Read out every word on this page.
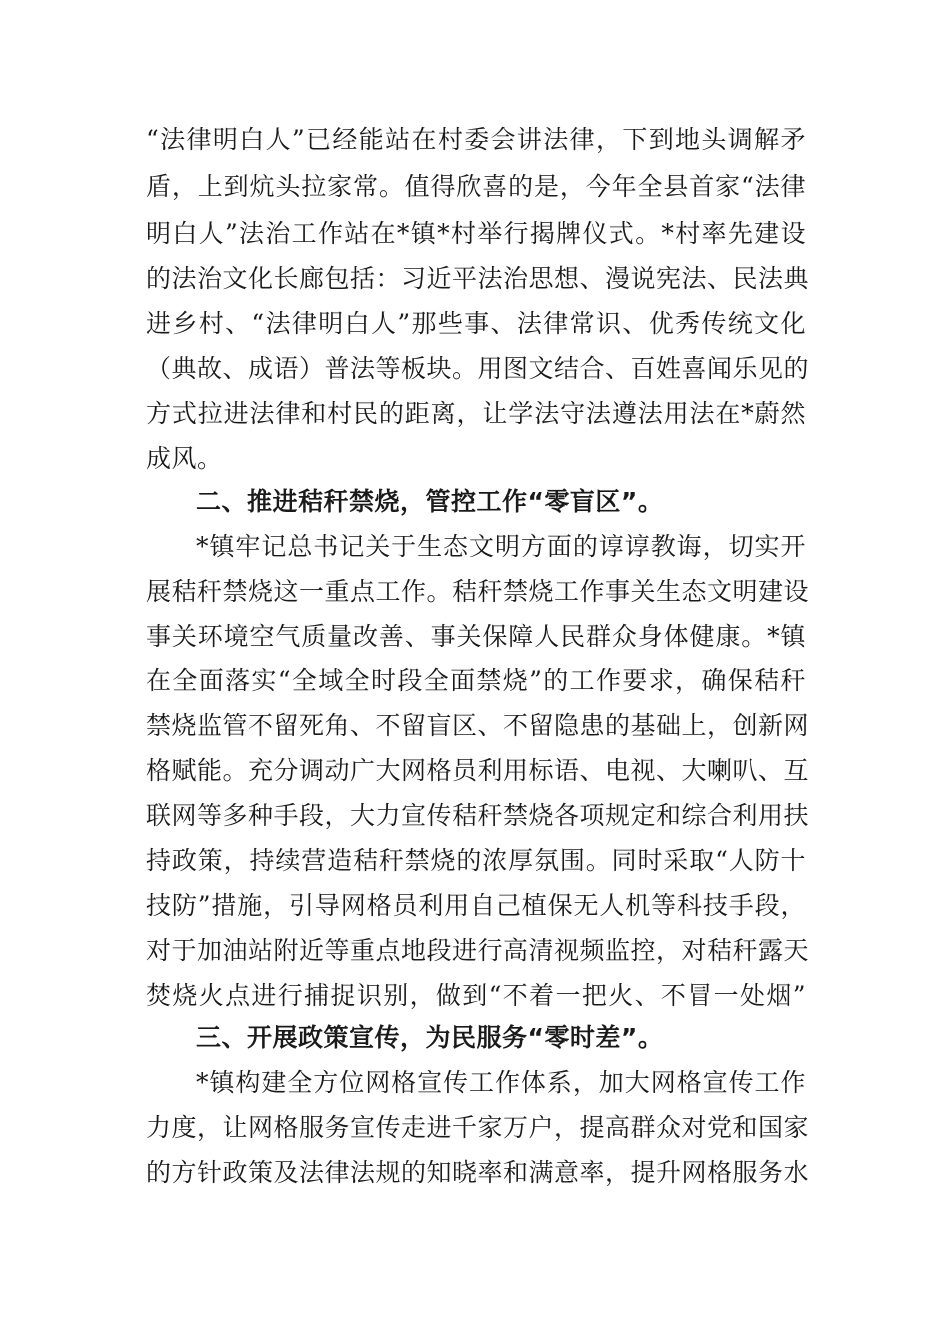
“法律明白人”已经能站在村委会讲法律，下到地头调解矛
盾，上到炕头拉家常。值得欣喜的是，今年全县首家“法律
明白人”法治工作站在*镇*村举行揭牌仪式。*村率先建设
的法治文化长廊包括：习近平法治思想、漫说宪法、民法典
进乡村、“法律明白人”那些事、法律常识、优秀传统文化
（典故、成语）普法等板块。用图文结合、百姓喜闻乐见的
方式拉进法律和村民的距离，让学法守法遵法用法在*蔚然
成风。
二、推进秸秆禁烧，管控工作“零盲区”。
*镇牢记总书记关于生态文明方面的谆谆教诲，切实开
展秸秆禁烧这一重点工作。秸秆禁烧工作事关生态文明建设
事关环境空气质量改善、事关保障人民群众身体健康。*镇
在全面落实“全域全时段全面禁烧”的工作要求，确保秸秆
禁烧监管不留死角、不留盲区、不留隐患的基础上，创新网
格赋能。充分调动广大网格员利用标语、电视、大喇叭、互
联网等多种手段，大力宣传秸秆禁烧各项规定和综合利用扶
持政策，持续营造秸秆禁烧的浓厚氛围。同时采取“人防十
技防”措施，引导网格员利用自己植保无人机等科技手段，
对于加油站附近等重点地段进行高清视频监控，对秸秆露天
焚烧火点进行捕捉识别，做到“不着一把火、不冒一处烟”
三、开展政策宣传，为民服务“零时差”。
*镇构建全方位网格宣传工作体系，加大网格宣传工作
力度，让网格服务宣传走进千家万户，提高群众对党和国家
的方针政策及法律法规的知晓率和满意率，提升网格服务水
